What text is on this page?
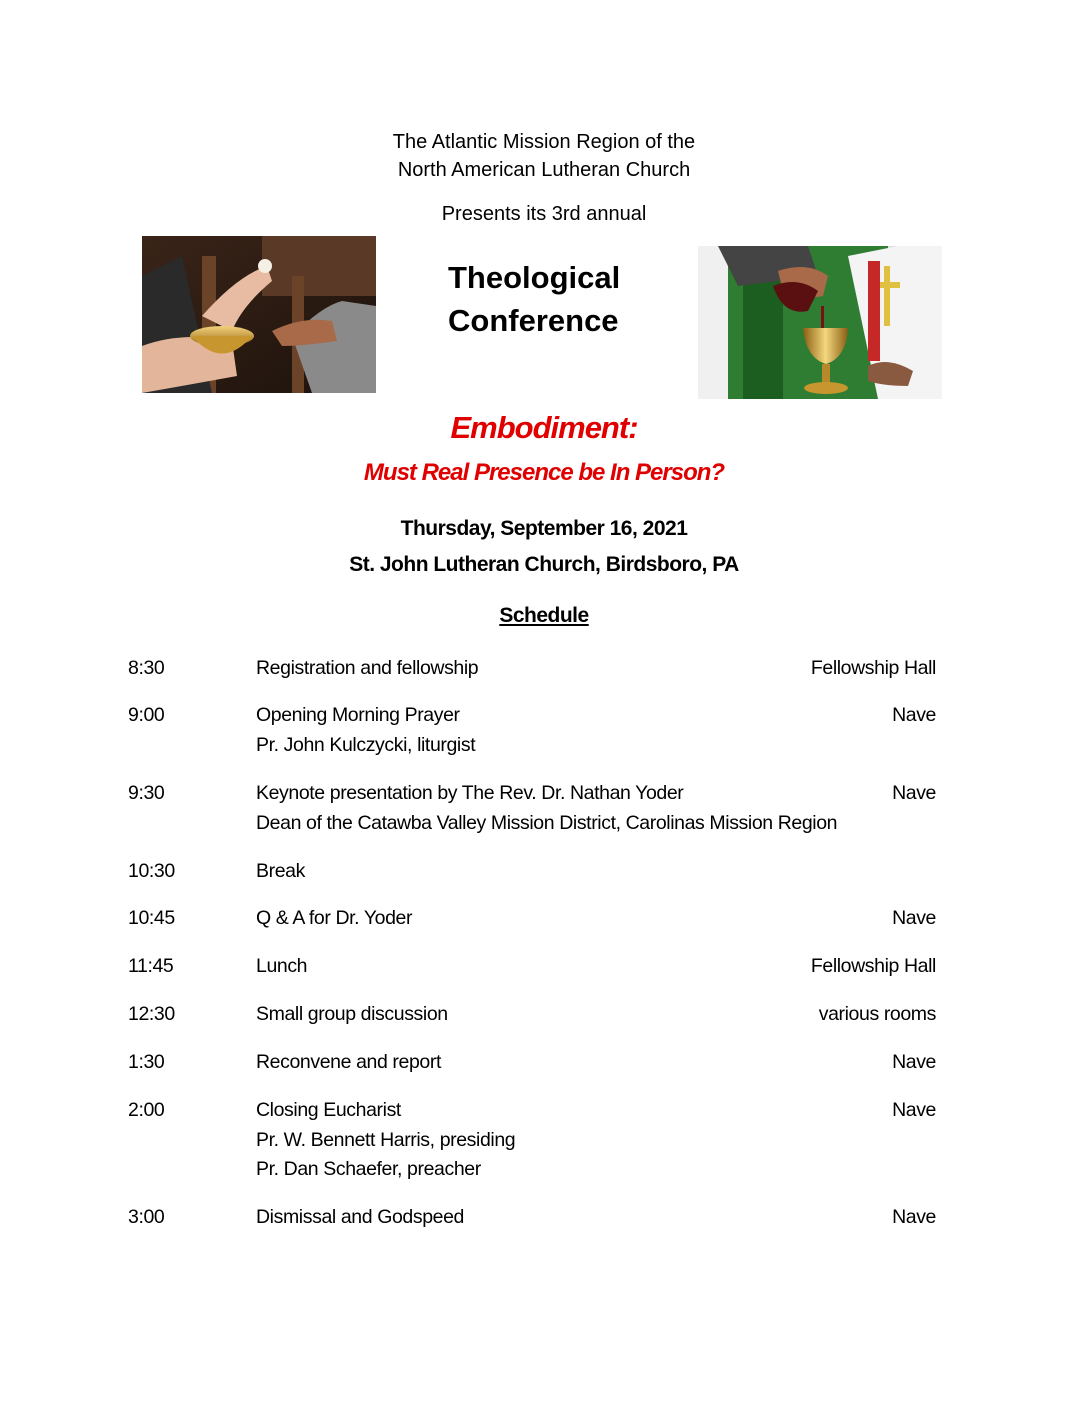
The Atlantic Mission Region of the
North American Lutheran Church
Presents its 3rd annual
Theological
Conference
Embodiment:
Must Real Presence be In Person?
Thursday, September 16, 2021
St. John Lutheran Church, Birdsboro, PA
Schedule
8:30	Registration and fellowship	Fellowship Hall
9:00	Opening Morning Prayer	Nave
Pr. John Kulczycki, liturgist
9:30	Keynote presentation by The Rev. Dr. Nathan Yoder	Nave
Dean of the Catawba Valley Mission District, Carolinas Mission Region
10:30	Break
10:45	Q & A for Dr. Yoder	Nave
11:45	Lunch	Fellowship Hall
12:30	Small group discussion	various rooms
1:30	Reconvene and report	Nave
2:00	Closing Eucharist	Nave
Pr. W. Bennett Harris, presiding
Pr. Dan Schaefer, preacher
3:00	Dismissal and Godspeed	Nave
